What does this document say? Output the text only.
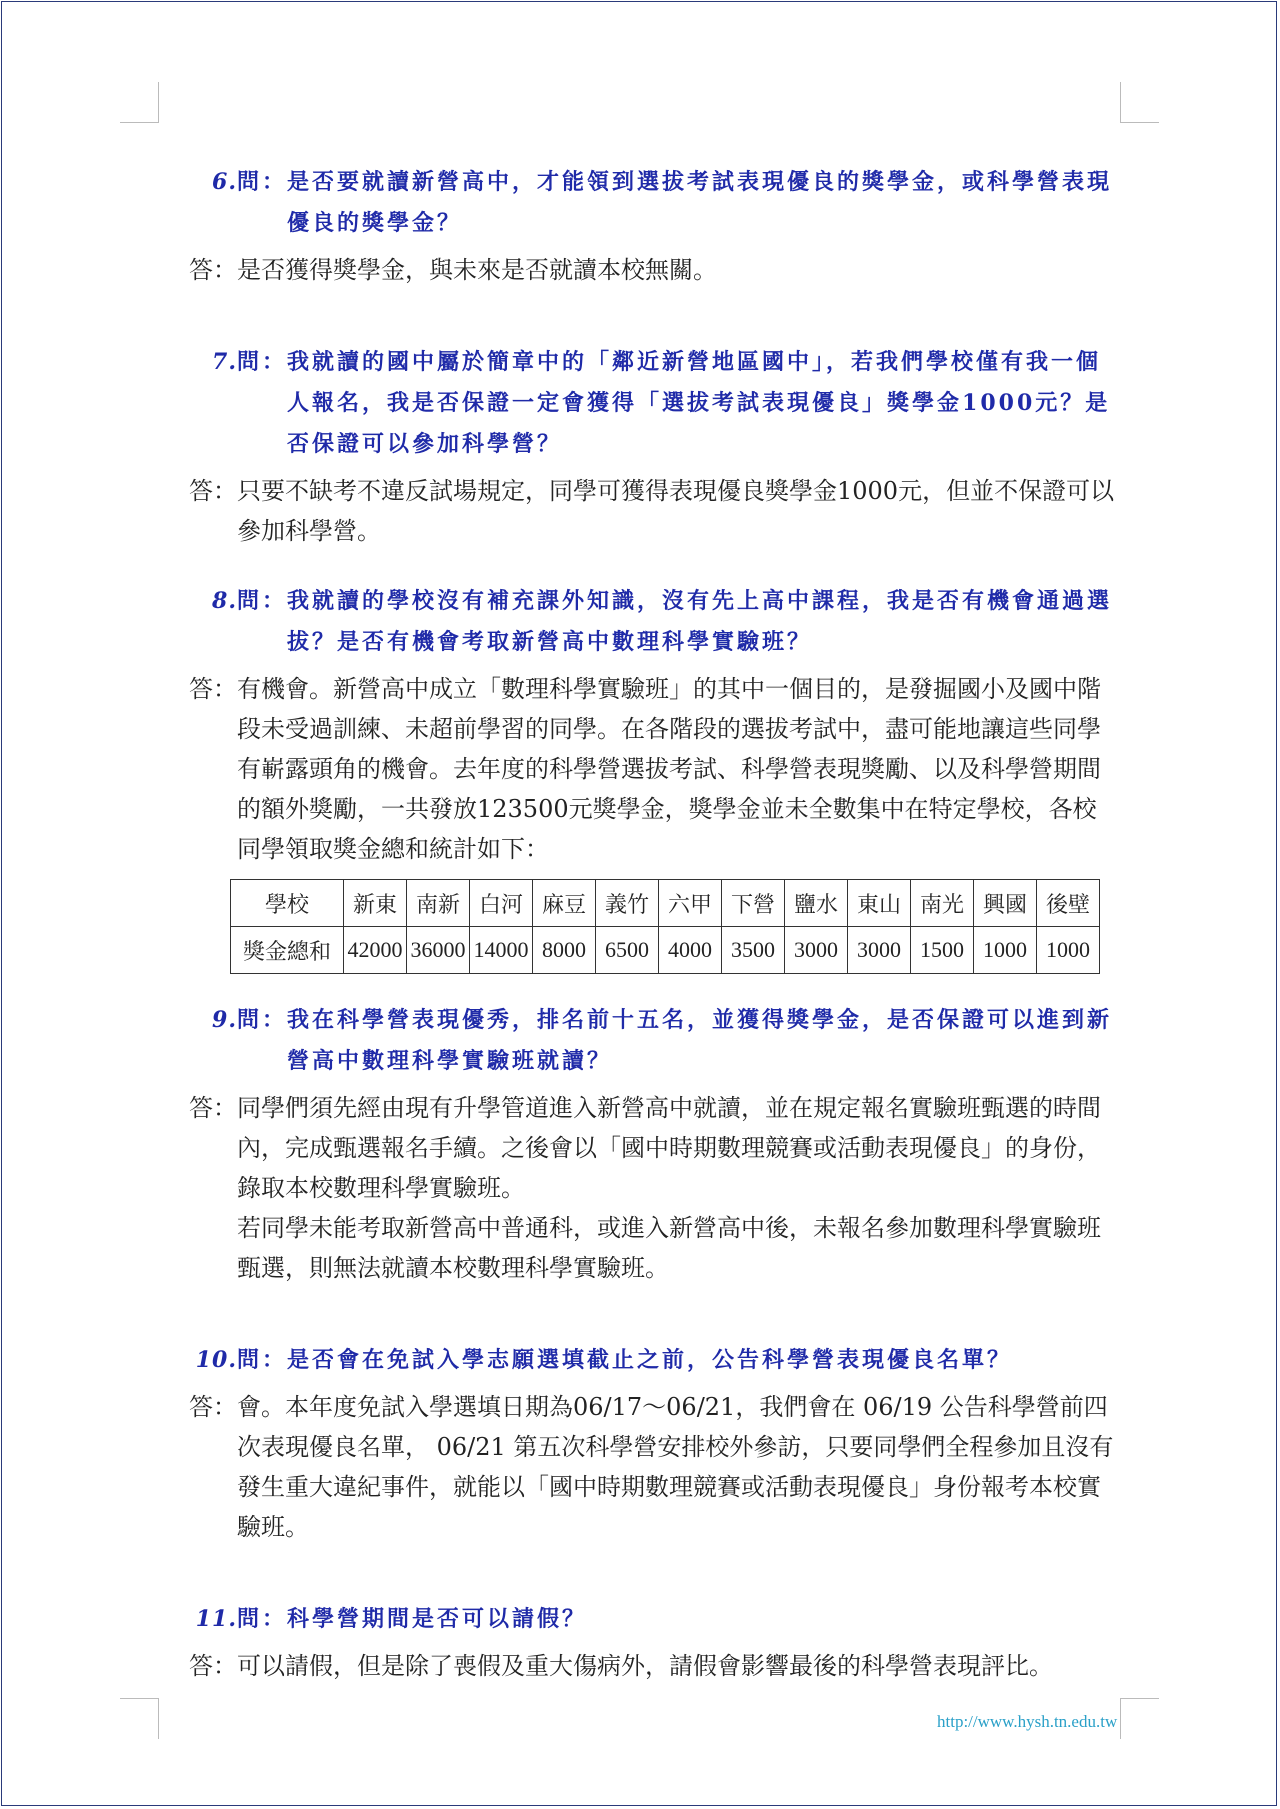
6. 問： 是否要就讀新營高中，才能領到選拔考試表現優良的獎學金，或科學營表現優良的獎學金？
答： 是否獲得獎學金，與未來是否就讀本校無關。

7. 問： 我就讀的國中屬於簡章中的「鄰近新營地區國中」，若我們學校僅有我一個人報名，我是否保證一定會獲得「選拔考試表現優良」獎學金1000元？是否保證可以參加科學營？
答： 只要不缺考不違反試場規定，同學可獲得表現優良獎學金1000元，但並不保證可以參加科學營。

8. 問： 我就讀的學校沒有補充課外知識，沒有先上高中課程，我是否有機會通過選拔？是否有機會考取新營高中數理科學實驗班？
答： 有機會。新營高中成立「數理科學實驗班」的其中一個目的，是發掘國小及國中階段未受過訓練、未超前學習的同學。在各階段的選拔考試中，盡可能地讓這些同學有嶄露頭角的機會。去年度的科學營選拔考試、科學營表現獎勵、以及科學營期間的額外獎勵，一共發放123500元獎學金，獎學金並未全數集中在特定學校，各校同學領取獎金總和統計如下：

學校	新東	南新	白河	麻豆	義竹	六甲	下營	鹽水	東山	南光	興國	後壁
獎金總和	42000	36000	14000	8000	6500	4000	3500	3000	3000	1500	1000	1000
9. 問： 我在科學營表現優秀，排名前十五名，並獲得獎學金，是否保證可以進到新營高中數理科學實驗班就讀？
答： 同學們須先經由現有升學管道進入新營高中就讀，並在規定報名實驗班甄選的時間內，完成甄選報名手續。之後會以「國中時期數理競賽或活動表現優良」的身份，錄取本校數理科學實驗班。

若同學未能考取新營高中普通科，或進入新營高中後，未報名參加數理科學實驗班甄選，則無法就讀本校數理科學實驗班。

10. 問： 是否會在免試入學志願選填截止之前，公告科學營表現優良名單？
答： 會。本年度免試入學選填日期為06/17～06/21，我們會在 06/19 公告科學營前四次表現優良名單， 06/21 第五次科學營安排校外參訪，只要同學們全程參加且沒有發生重大違紀事件，就能以「國中時期數理競賽或活動表現優良」身份報考本校實驗班。

11. 問： 科學營期間是否可以請假？
答： 可以請假，但是除了喪假及重大傷病外，請假會影響最後的科學營表現評比。

http://www.hysh.tn.edu.tw
